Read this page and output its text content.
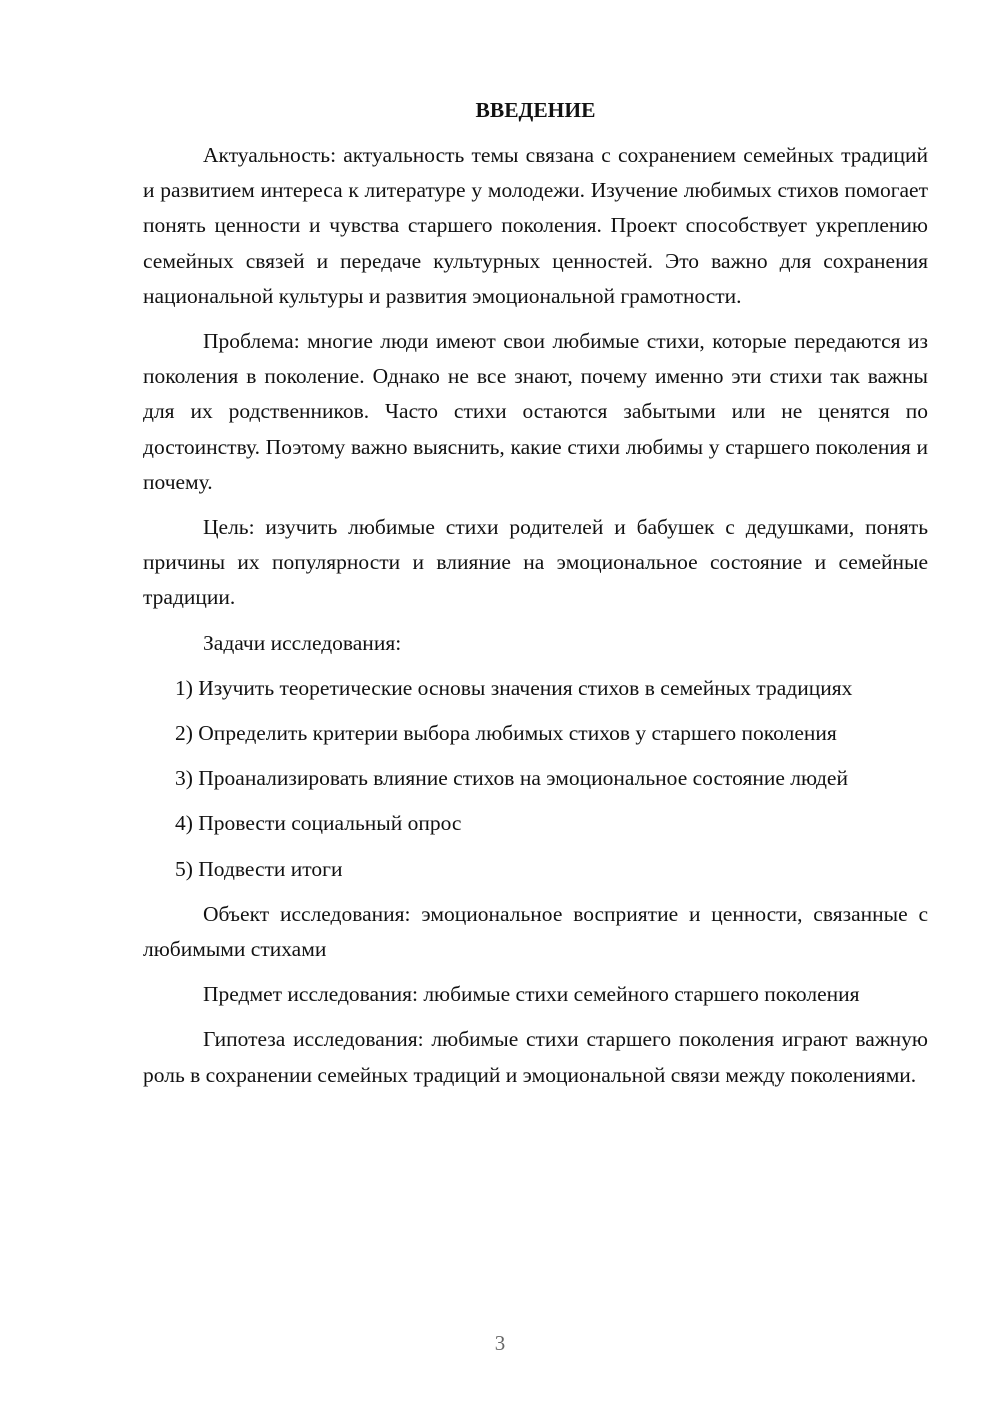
ВВЕДЕНИЕ

Актуальность: актуальность темы связана с сохранением семейных традиций и развитием интереса к литературе у молодежи. Изучение любимых стихов помогает понять ценности и чувства старшего поколения. Проект способствует укреплению семейных связей и передаче культурных ценностей. Это важно для сохранения национальной культуры и развития эмоциональной грамотности.

Проблема: многие люди имеют свои любимые стихи, которые передаются из поколения в поколение. Однако не все знают, почему именно эти стихи так важны для их родственников. Часто стихи остаются забытыми или не ценятся по достоинству. Поэтому важно выяснить, какие стихи любимы у старшего поколения и почему.

Цель: изучить любимые стихи родителей и бабушек с дедушками, понять причины их популярности и влияние на эмоциональное состояние и семейные традиции.

Задачи исследования:

1) Изучить теоретические основы значения стихов в семейных традициях

2) Определить критерии выбора любимых стихов у старшего поколения

3) Проанализировать влияние стихов на эмоциональное состояние людей

4) Провести социальный опрос

5) Подвести итоги

Объект исследования: эмоциональное восприятие и ценности, связанные с любимыми стихами

Предмет исследования: любимые стихи семейного старшего поколения

Гипотеза исследования: любимые стихи старшего поколения играют важную роль в сохранении семейных традиций и эмоциональной связи между поколениями.

3
